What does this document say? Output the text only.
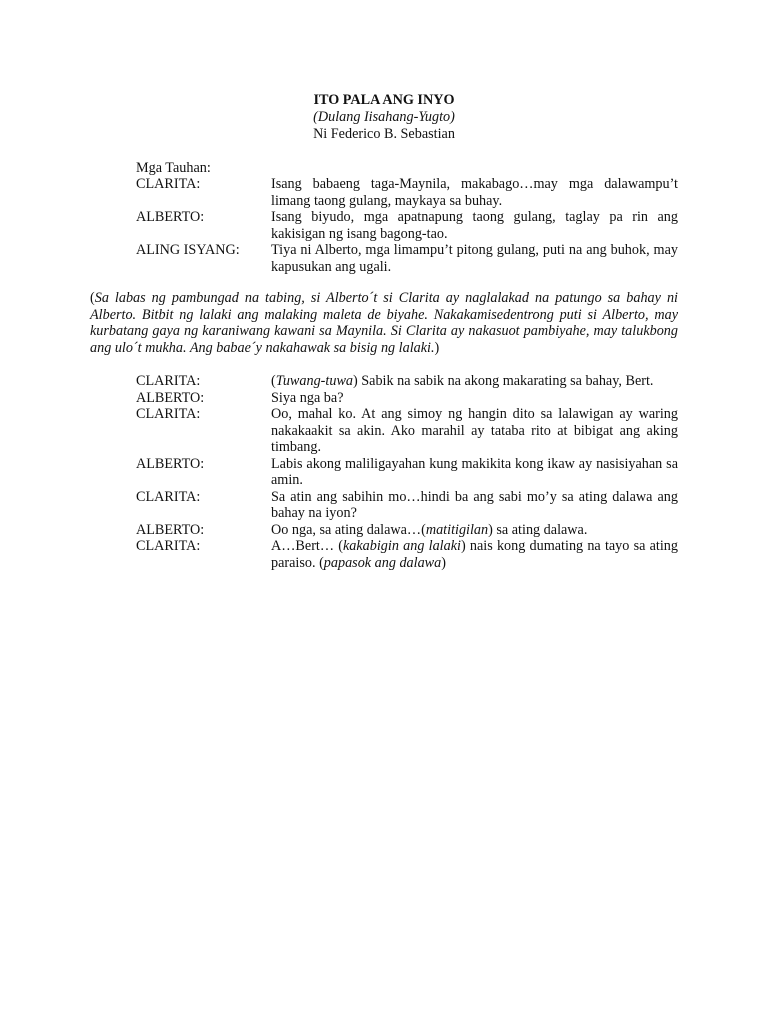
ITO PALA ANG INYO
(Dulang Iisahang-Yugto)
Ni Federico B. Sebastian
Mga Tauhan:
CLARITA:	Isang babaeng taga-Maynila, makabago…may mga dalawampu’t limang taong gulang, maykaya sa buhay.
ALBERTO:	Isang biyudo, mga apatnapung taong gulang, taglay pa rin ang kakisigan ng isang bagong-tao.
ALING ISYANG:	Tiya ni Alberto, mga limampu’t pitong gulang, puti na ang buhok, may kapusukan ang ugali.
(Sa labas ng pambungad na tabing, si Alberto´t si Clarita ay naglalakad na patungo sa bahay ni Alberto. Bitbit ng lalaki ang malaking maleta de biyahe. Nakakamisedentrong puti si Alberto, may kurbatang gaya ng karaniwang kawani sa Maynila. Si Clarita ay nakasuot pambiyahe, may talukbong ang ulo´t mukha. Ang babae´y nakahawak sa bisig ng lalaki.)
CLARITA:	(Tuwang-tuwa) Sabik na sabik na akong makarating sa bahay, Bert.
ALBERTO:	Siya nga ba?
CLARITA:	Oo, mahal ko. At ang simoy ng hangin dito sa lalawigan ay waring nakakaakit sa akin. Ako marahil ay tataba rito at bibigat ang aking timbang.
ALBERTO:	Labis akong maliligayahan kung makikita kong ikaw ay nasisiyahan sa amin.
CLARITA:	Sa atin ang sabihin mo…hindi ba ang sabi mo’y sa ating dalawa ang bahay na iyon?
ALBERTO:	Oo nga, sa ating dalawa…(matitigilan) sa ating dalawa.
CLARITA:	A…Bert… (kakabigin ang lalaki) nais kong dumating na tayo sa ating paraiso. (papasok ang dalawa)
